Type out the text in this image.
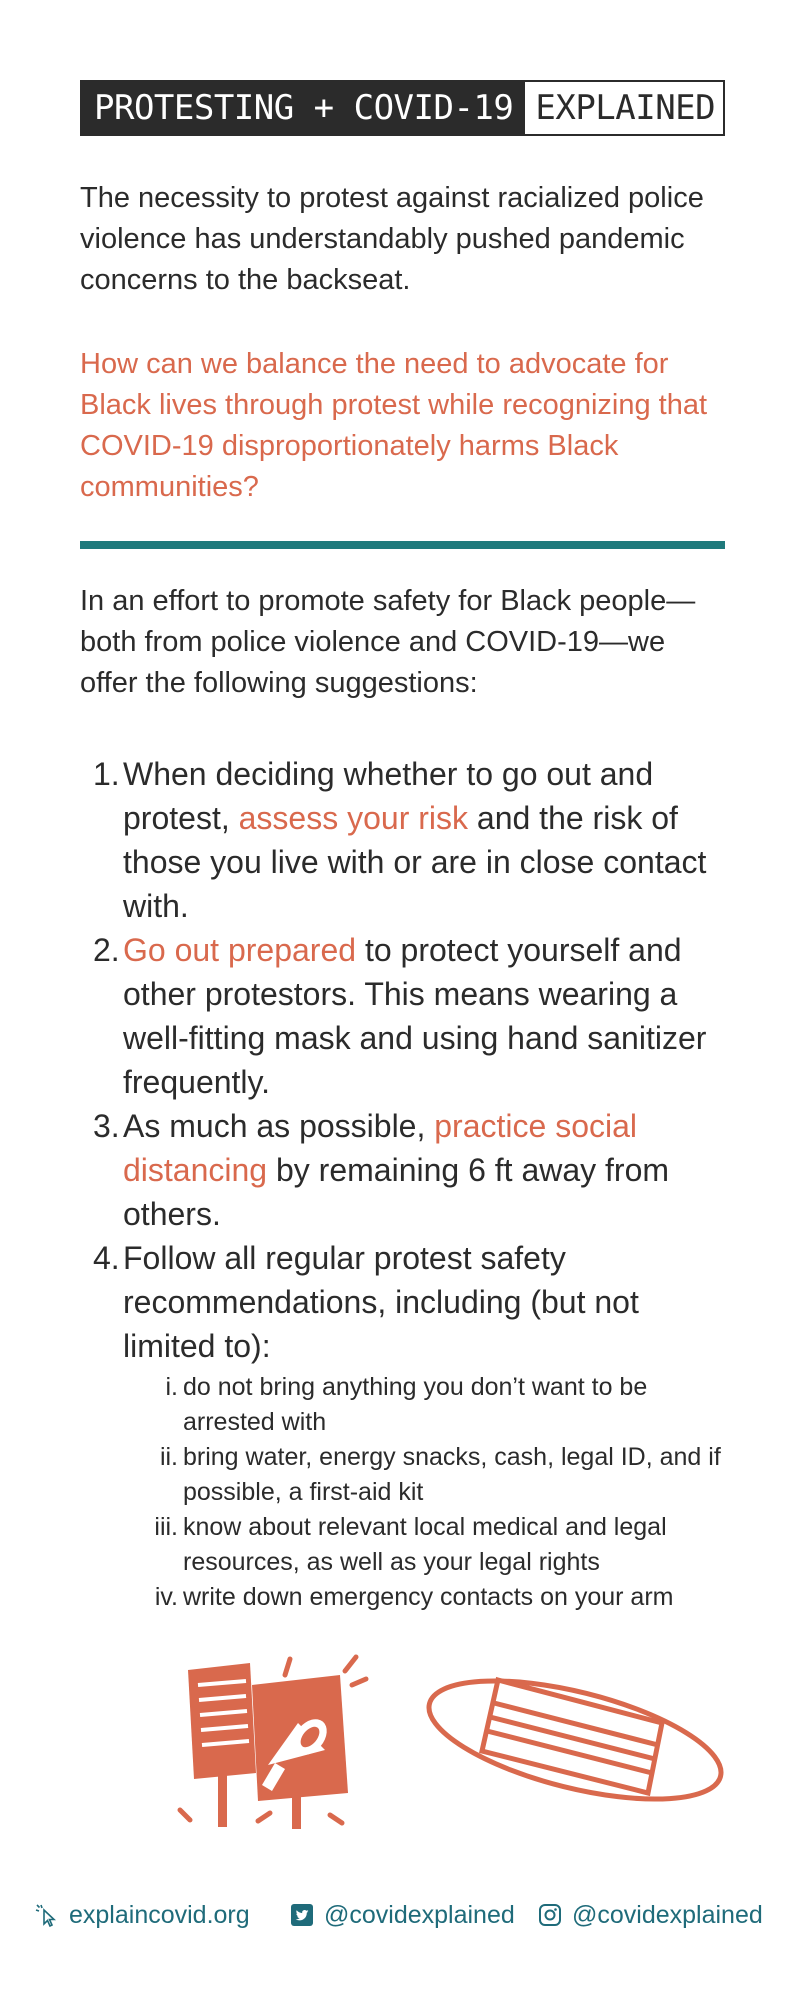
PROTESTING + COVID-19 EXPLAINED

The necessity to protest against racialized police violence has understandably pushed pandemic concerns to the backseat.

How can we balance the need to advocate for Black lives through protest while recognizing that COVID-19 disproportionately harms Black communities?

In an effort to promote safety for Black people—both from police violence and COVID-19—we offer the following suggestions:

1. When deciding whether to go out and protest, assess your risk and the risk of those you live with or are in close contact with.
2. Go out prepared to protect yourself and other protestors. This means wearing a well-fitting mask and using hand sanitizer frequently.
3. As much as possible, practice social distancing by remaining 6 ft away from others.
4. Follow all regular protest safety recommendations, including (but not limited to):
i. do not bring anything you don’t want to be arrested with
ii. bring water, energy snacks, cash, legal ID, and if possible, a first-aid kit
iii. know about relevant local medical and legal resources, as well as your legal rights
iv. write down emergency contacts on your arm
explaincovid.org	@covidexplained @covidexplained
